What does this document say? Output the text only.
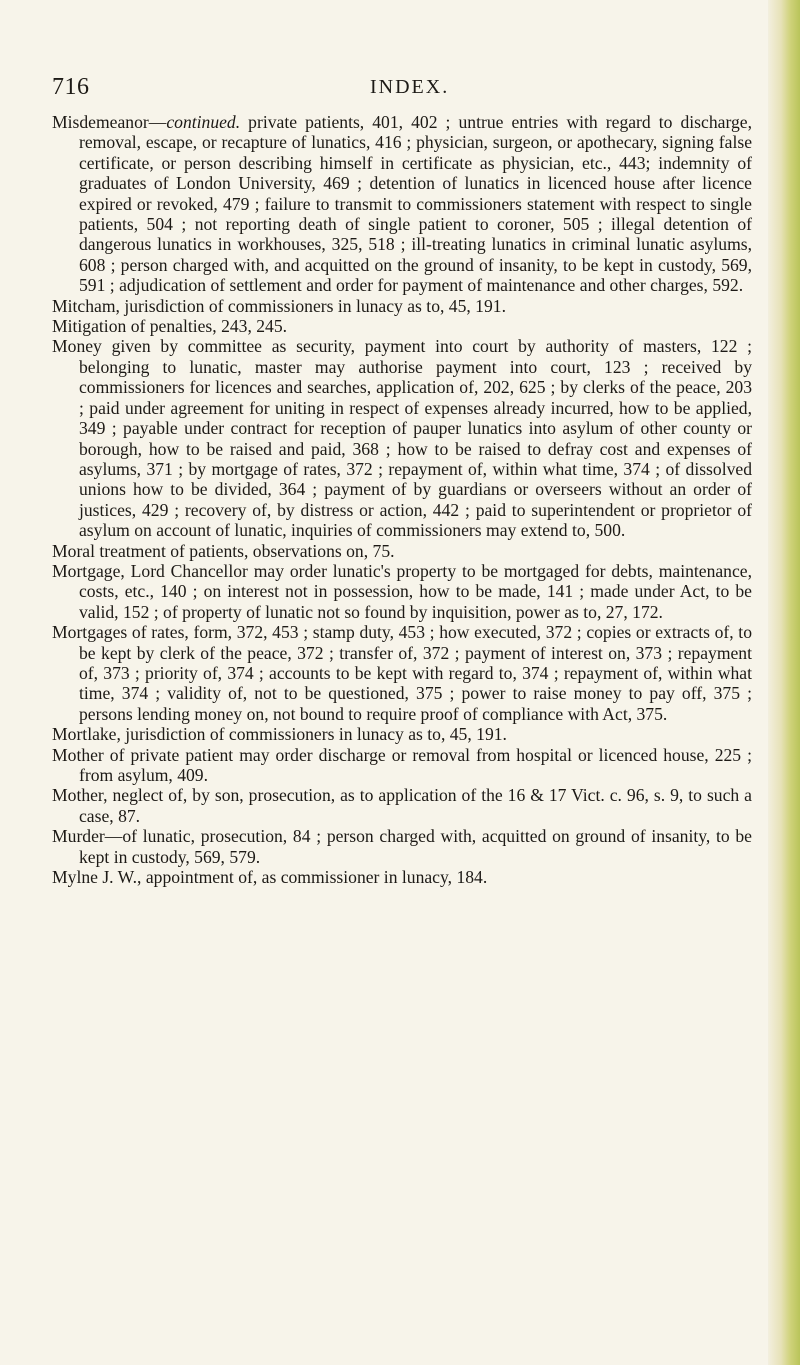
716	INDEX.

Misdemeanor—continued. private patients, 401, 402 ; untrue entries with regard to discharge, removal, escape, or recapture of lunatics, 416 ; physician, surgeon, or apothecary, signing false certificate, or person describing himself in certificate as physician, etc., 443; indemnity of graduates of London University, 469 ; detention of lunatics in licenced house after licence expired or revoked, 479 ; failure to transmit to commissioners statement with respect to single patients, 504 ; not reporting death of single patient to coroner, 505 ; illegal detention of dangerous lunatics in workhouses, 325, 518 ; ill-treating lunatics in criminal lunatic asylums, 608 ; person charged with, and acquitted on the ground of insanity, to be kept in custody, 569, 591 ; adjudication of settlement and order for payment of maintenance and other charges, 592.

Mitcham, jurisdiction of commissioners in lunacy as to, 45, 191.

Mitigation of penalties, 243, 245.

Money given by committee as security, payment into court by authority of masters, 122 ; belonging to lunatic, master may authorise payment into court, 123 ; received by commissioners for licences and searches, application of, 202, 625 ; by clerks of the peace, 203 ; paid under agreement for uniting in respect of expenses already incurred, how to be applied, 349 ; payable under contract for reception of pauper lunatics into asylum of other county or borough, how to be raised and paid, 368 ; how to be raised to defray cost and expenses of asylums, 371 ; by mortgage of rates, 372 ; repayment of, within what time, 374 ; of dissolved unions how to be divided, 364 ; payment of by guardians or overseers without an order of justices, 429 ; recovery of, by distress or action, 442 ; paid to superintendent or proprietor of asylum on account of lunatic, inquiries of commissioners may extend to, 500.

Moral treatment of patients, observations on, 75.

Mortgage, Lord Chancellor may order lunatic's property to be mortgaged for debts, maintenance, costs, etc., 140 ; on interest not in possession, how to be made, 141 ; made under Act, to be valid, 152 ; of property of lunatic not so found by inquisition, power as to, 27, 172.

Mortgages of rates, form, 372, 453 ; stamp duty, 453 ; how executed, 372 ; copies or extracts of, to be kept by clerk of the peace, 372 ; transfer of, 372 ; payment of interest on, 373 ; repayment of, 373 ; priority of, 374 ; accounts to be kept with regard to, 374 ; repayment of, within what time, 374 ; validity of, not to be questioned, 375 ; power to raise money to pay off, 375 ; persons lending money on, not bound to require proof of compliance with Act, 375.

Mortlake, jurisdiction of commissioners in lunacy as to, 45, 191.

Mother of private patient may order discharge or removal from hospital or licenced house, 225 ; from asylum, 409.

Mother, neglect of, by son, prosecution, as to application of the 16 & 17 Vict. c. 96, s. 9, to such a case, 87.

Murder—of lunatic, prosecution, 84 ; person charged with, acquitted on ground of insanity, to be kept in custody, 569, 579.

Mylne J. W., appointment of, as commissioner in lunacy, 184.
